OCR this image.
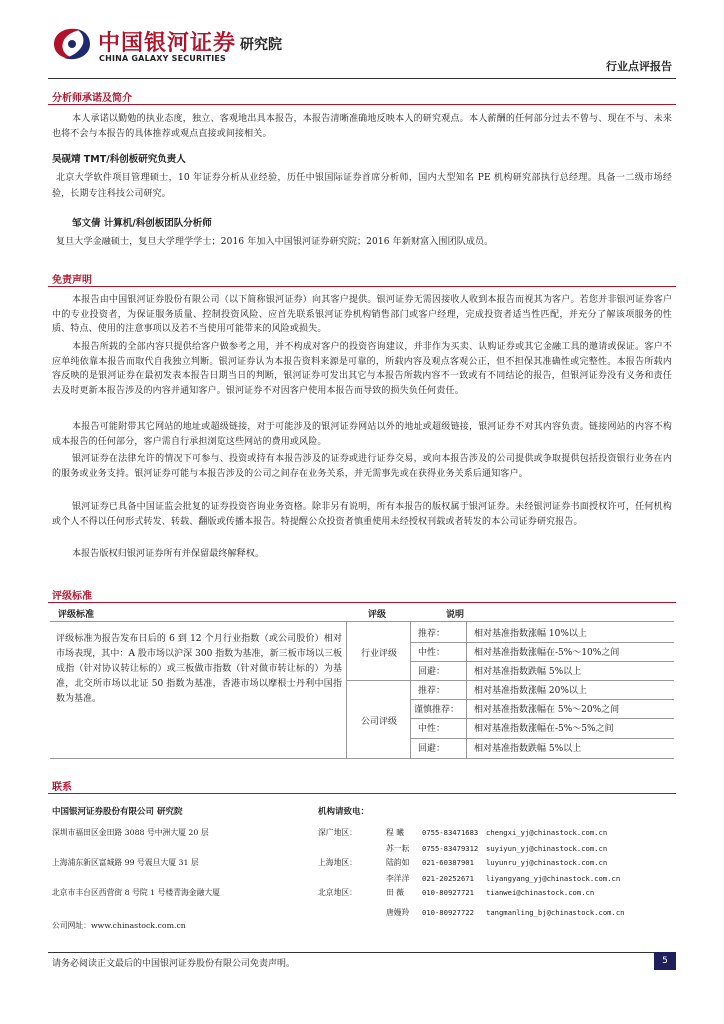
中国银河证券
CHINA GALAXY SECURITIES
研究院
行业点评报告
分析师承诺及简介
本人承诺以勤勉的执业态度，独立、客观地出具本报告，本报告清晰准确地反映本人的研究观点。本人薪酬的任何部分过去不曾与、现在不与、未来也将不会与本报告的具体推荐或观点直接或间接相关。
吴砚靖 TMT/科创板研究负责人
北京大学软件项目管理硕士，10 年证券分析从业经验，历任中银国际证券首席分析师，国内大型知名 PE 机构研究部执行总经理。具备一二级市场经验，长期专注科技公司研究。
邹文倩 计算机/科创板团队分析师
复旦大学金融硕士，复旦大学理学学士；2016 年加入中国银河证券研究院；2016 年新财富入围团队成员。
免责声明
本报告由中国银河证券股份有限公司（以下简称银河证券）向其客户提供。银河证券无需因接收人收到本报告而视其为客户。若您并非银河证券客户中的专业投资者，为保证服务质量、控制投资风险、应首先联系银河证券机构销售部门或客户经理，完成投资者适当性匹配，并充分了解该项服务的性质、特点、使用的注意事项以及若不当使用可能带来的风险或损失。
本报告所载的全部内容只提供给客户做参考之用，并不构成对客户的投资咨询建议，并非作为买卖、认购证券或其它金融工具的邀请或保证。客户不应单纯依靠本报告而取代自我独立判断。银河证券认为本报告资料来源是可靠的，所载内容及观点客观公正，但不担保其准确性或完整性。本报告所载内容反映的是银河证券在最初发表本报告日期当日的判断，银河证券可发出其它与本报告所载内容不一致或有不同结论的报告，但银河证券没有义务和责任去及时更新本报告涉及的内容并通知客户。银河证券不对因客户使用本报告而导致的损失负任何责任。
本报告可能附带其它网站的地址或超级链接，对于可能涉及的银河证券网站以外的地址或超级链接，银河证券不对其内容负责。链接网站的内容不构成本报告的任何部分，客户需自行承担浏览这些网站的费用或风险。
银河证券在法律允许的情况下可参与、投资或持有本报告涉及的证券或进行证券交易，或向本报告涉及的公司提供或争取提供包括投资银行业务在内的服务或业务支持。银河证券可能与本报告涉及的公司之间存在业务关系，并无需事先或在获得业务关系后通知客户。
银河证券已具备中国证监会批复的证券投资咨询业务资格。除非另有说明，所有本报告的版权属于银河证券。未经银河证券书面授权许可，任何机构或个人不得以任何形式转发、转载、翻版或传播本报告。特提醒公众投资者慎重使用未经授权刊载或者转发的本公司证券研究报告。
本报告版权归银河证券所有并保留最终解释权。
评级标准
评级标准	评级	说明
评级标准为报告发布日后的 6 到 12 个月行业指数（或公司股价）相对市场表现，其中：A 股市场以沪深 300 指数为基准，新三板市场以三板成指（针对协议转让标的）或三板做市指数（针对做市转让标的）为基准，北交所市场以北证 50 指数为基准，香港市场以摩根士丹利中国指数为基准。
行业评级
公司评级
推荐：	相对基准指数涨幅 10%以上
中性：	相对基准指数涨幅在-5%～10%之间
回避：	相对基准指数跌幅 5%以上
推荐：	相对基准指数涨幅 20%以上
谨慎推荐： 相对基准指数涨幅在 5%～20%之间
中性：	相对基准指数涨幅在-5%～5%之间
回避：	相对基准指数跌幅 5%以上
联系
中国银河证券股份有限公司 研究院	机构请致电：
深圳市福田区金田路 3088 号中洲大厦 20 层
上海浦东新区富城路 99 号震旦大厦 31 层
北京市丰台区西营街 8 号院 1 号楼青海金融大厦
公司网址：www.chinastock.com.cn
深广地区：	程 曦 0755-83471683 chengxi_yj@chinastock.com.cn
苏一耘 0755-83479312 suyiyun_yj@chinastock.com.cn
上海地区：	陆韵如 021-60387901 luyunru_yj@chinastock.com.cn
李洋洋 021-20252671 liyangyang_yj@chinastock.com.cn
北京地区：	田 薇 010-80927721 tianwei@chinastock.com.cn
唐嫚羚 010-80927722 tangmanling_bj@chinastock.com.cn
请务必阅读正文最后的中国银河证券股份有限公司免责声明。	5
